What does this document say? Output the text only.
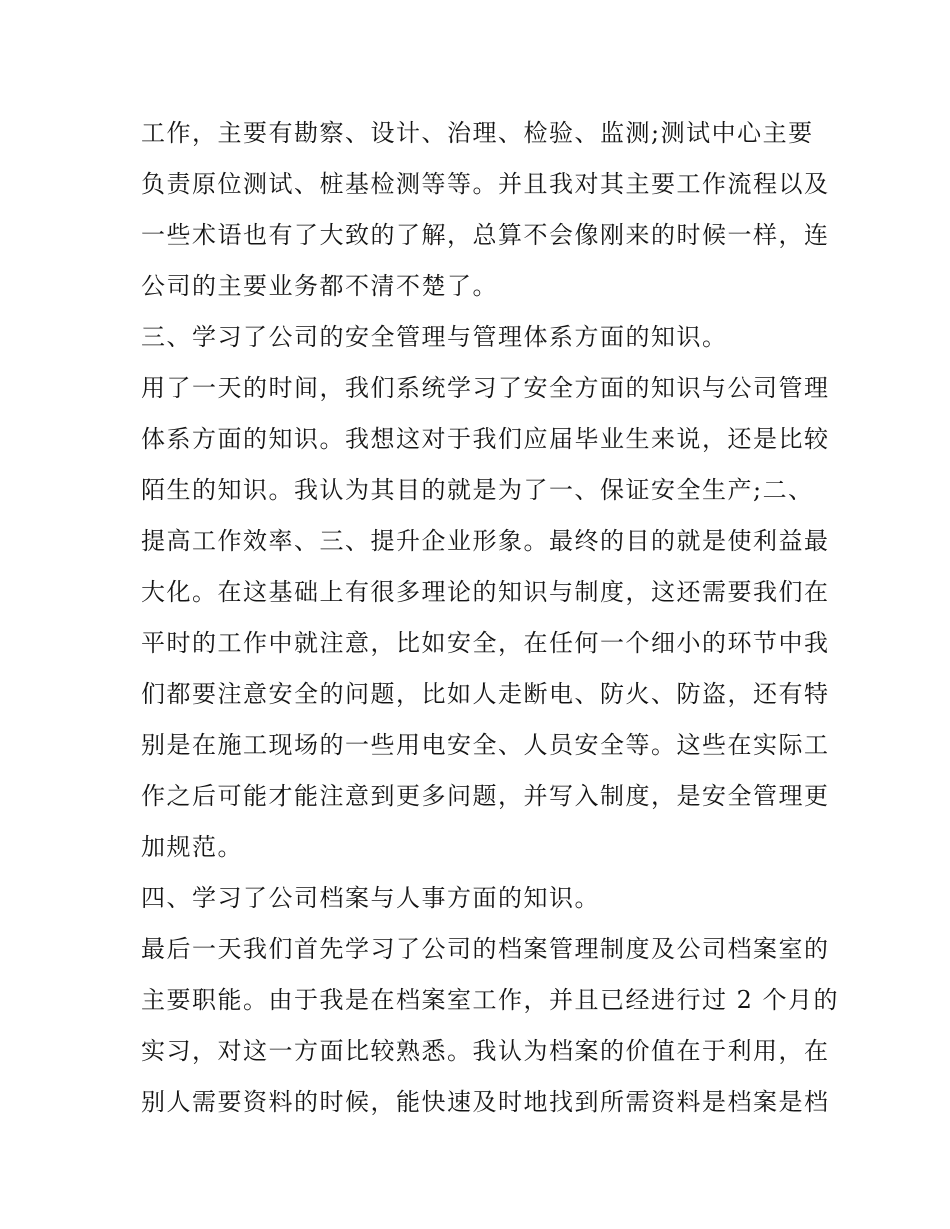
工作，主要有勘察、设计、治理、检验、监测;测试中心主要
负责原位测试、桩基检测等等。并且我对其主要工作流程以及
一些术语也有了大致的了解，总算不会像刚来的时候一样，连
公司的主要业务都不清不楚了。
三、学习了公司的安全管理与管理体系方面的知识。
用了一天的时间，我们系统学习了安全方面的知识与公司管理
体系方面的知识。我想这对于我们应届毕业生来说，还是比较
陌生的知识。我认为其目的就是为了一、保证安全生产;二、
提高工作效率、三、提升企业形象。最终的目的就是使利益最
大化。在这基础上有很多理论的知识与制度，这还需要我们在
平时的工作中就注意，比如安全，在任何一个细小的环节中我
们都要注意安全的问题，比如人走断电、防火、防盗，还有特
别是在施工现场的一些用电安全、人员安全等。这些在实际工
作之后可能才能注意到更多问题，并写入制度，是安全管理更
加规范。
四、学习了公司档案与人事方面的知识。
最后一天我们首先学习了公司的档案管理制度及公司档案室的
主要职能。由于我是在档案室工作，并且已经进行过 2 个月的
实习，对这一方面比较熟悉。我认为档案的价值在于利用，在
别人需要资料的时候，能快速及时地找到所需资料是档案是档
